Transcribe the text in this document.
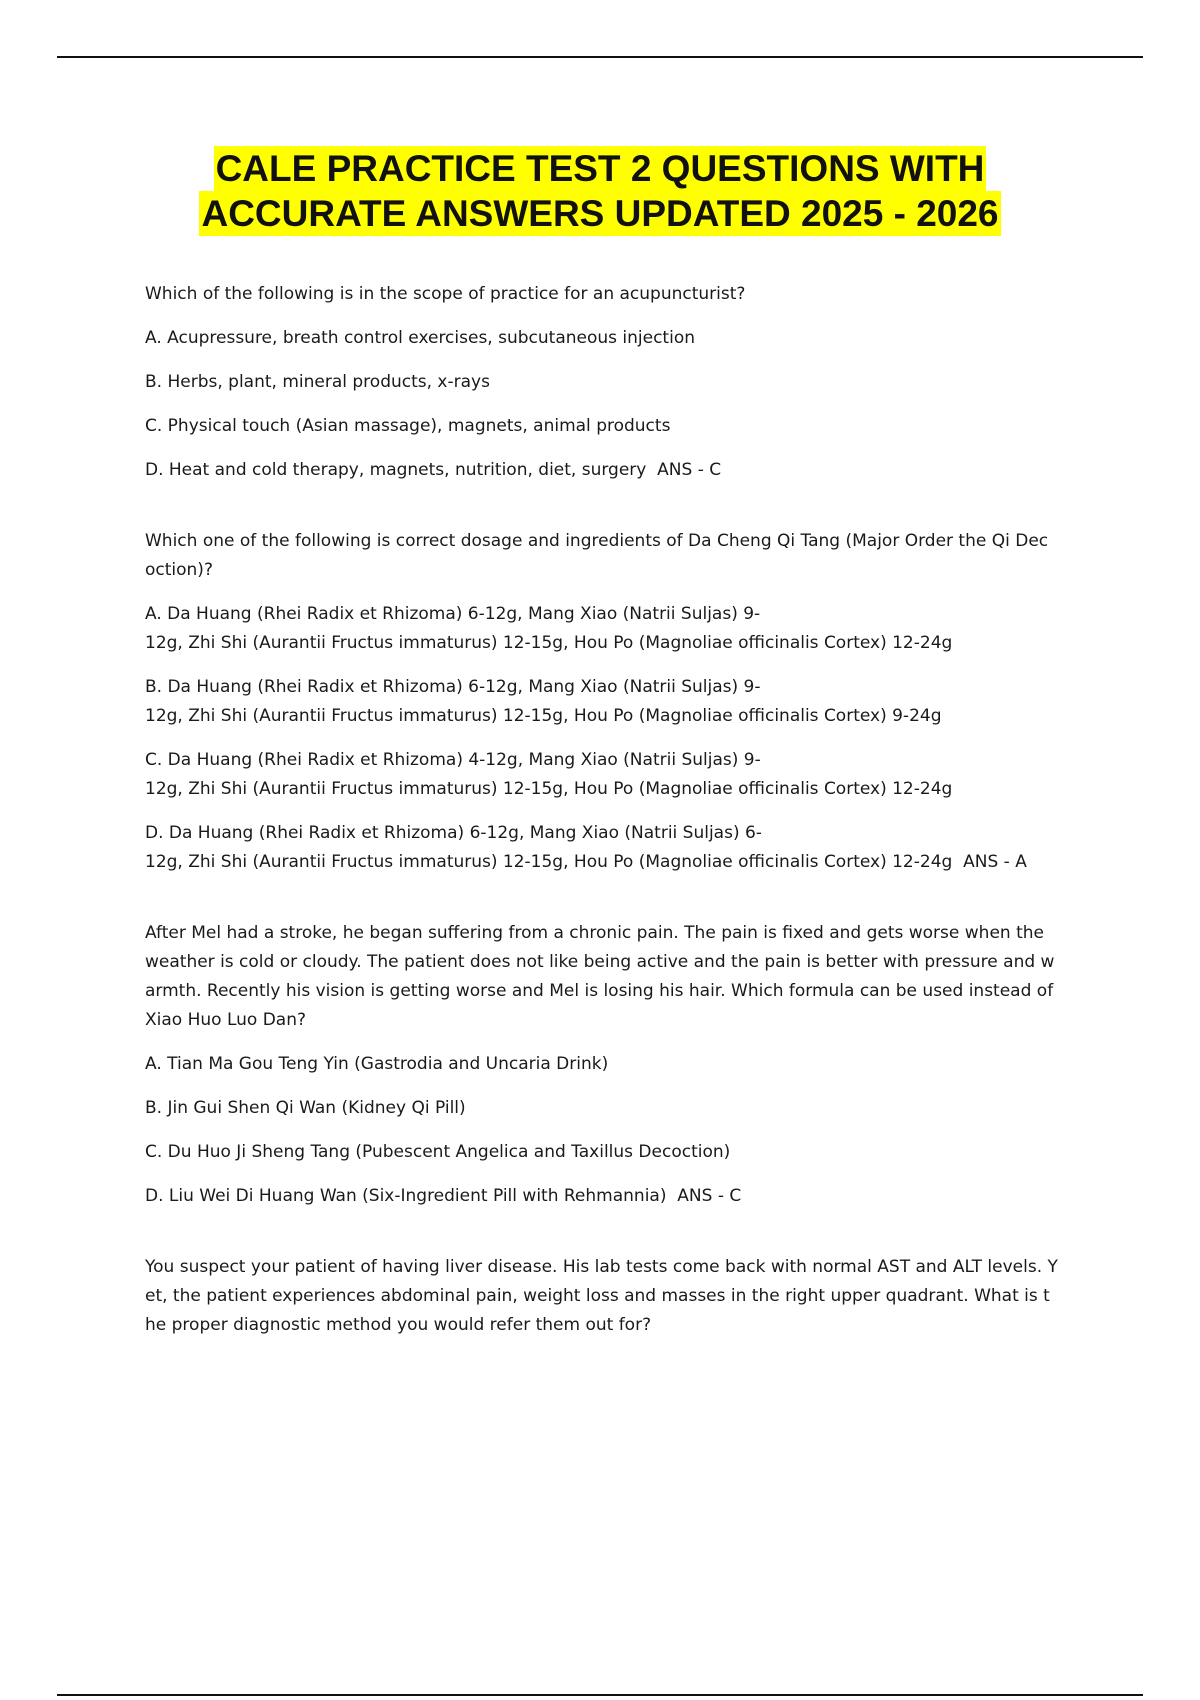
CALE PRACTICE TEST 2 QUESTIONS WITH
ACCURATE ANSWERS UPDATED 2025 - 2026

Which of the following is in the scope of practice for an acupuncturist?

A. Acupressure, breath control exercises, subcutaneous injection
B. Herbs, plant, mineral products, x-rays
C. Physical touch (Asian massage), magnets, animal products
D. Heat and cold therapy, magnets, nutrition, diet, surgery ANS - C

Which one of the following is correct dosage and ingredients of Da Cheng Qi Tang (Major Order the Qi Dec
oction)?

A. Da Huang (Rhei Radix et Rhizoma) 6-12g, Mang Xiao (Natrii Suljas) 9-
12g, Zhi Shi (Aurantii Fructus immaturus) 12-15g, Hou Po (Magnoliae officinalis Cortex) 12-24g
B. Da Huang (Rhei Radix et Rhizoma) 6-12g, Mang Xiao (Natrii Suljas) 9-
12g, Zhi Shi (Aurantii Fructus immaturus) 12-15g, Hou Po (Magnoliae officinalis Cortex) 9-24g
C. Da Huang (Rhei Radix et Rhizoma) 4-12g, Mang Xiao (Natrii Suljas) 9-
12g, Zhi Shi (Aurantii Fructus immaturus) 12-15g, Hou Po (Magnoliae officinalis Cortex) 12-24g
D. Da Huang (Rhei Radix et Rhizoma) 6-12g, Mang Xiao (Natrii Suljas) 6-
12g, Zhi Shi (Aurantii Fructus immaturus) 12-15g, Hou Po (Magnoliae officinalis Cortex) 12-24g ANS - A

After Mel had a stroke, he began suffering from a chronic pain. The pain is fixed and gets worse when the
weather is cold or cloudy. The patient does not like being active and the pain is better with pressure and w
armth. Recently his vision is getting worse and Mel is losing his hair. Which formula can be used instead of
Xiao Huo Luo Dan?

A. Tian Ma Gou Teng Yin (Gastrodia and Uncaria Drink)
B. Jin Gui Shen Qi Wan (Kidney Qi Pill)
C. Du Huo Ji Sheng Tang (Pubescent Angelica and Taxillus Decoction)
D. Liu Wei Di Huang Wan (Six-Ingredient Pill with Rehmannia) ANS - C

You suspect your patient of having liver disease. His lab tests come back with normal AST and ALT levels. Y
et, the patient experiences abdominal pain, weight loss and masses in the right upper quadrant. What is t
he proper diagnostic method you would refer them out for?
